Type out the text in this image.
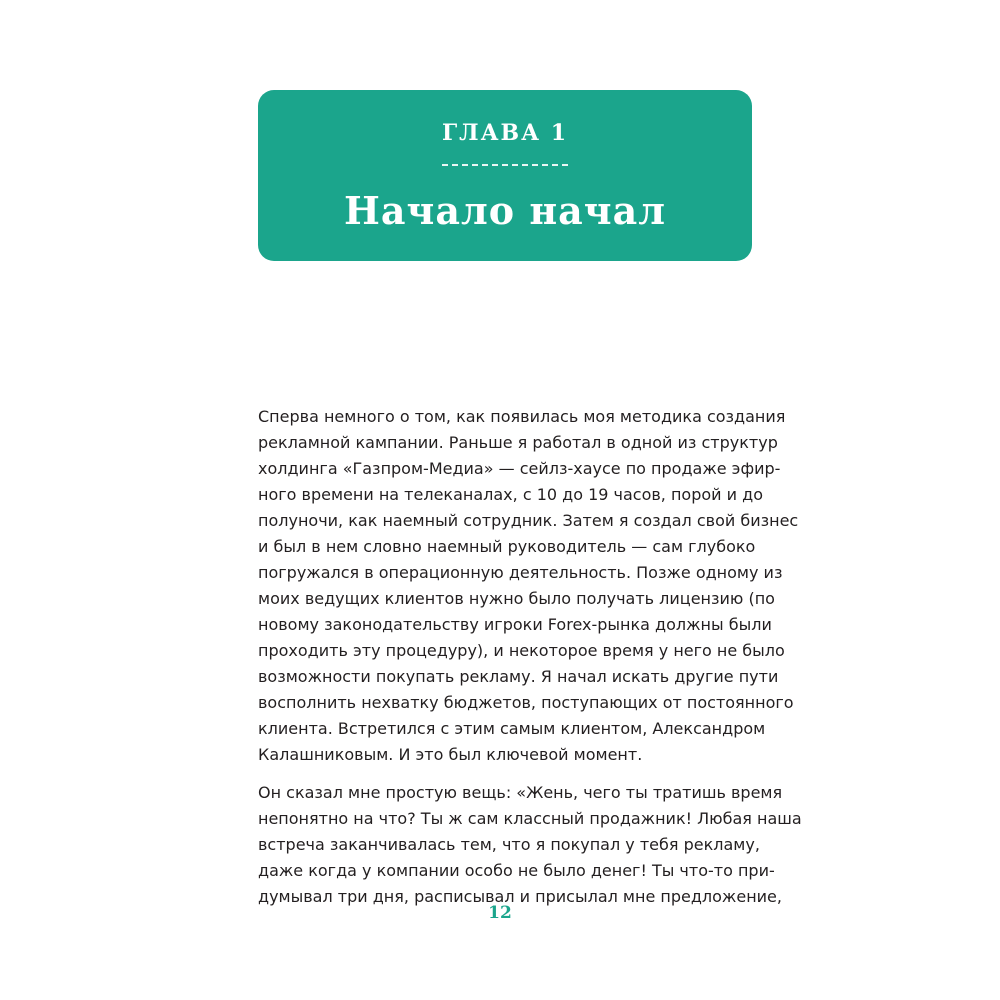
ГЛАВА 1
Начало начал
Сперва немного о том, как появилась моя методика создания
рекламной кампании. Раньше я работал в одной из структур
холдинга «Газпром-Медиа» — сейлз-хаусе по продаже эфир-
ного времени на телеканалах, с 10 до 19 часов, порой и до
полуночи, как наемный сотрудник. Затем я создал свой бизнес
и был в нем словно наемный руководитель — сам глубоко
погружался в операционную деятельность. Позже одному из
моих ведущих клиентов нужно было получать лицензию (по
новому законодательству игроки Forex-рынка должны были
проходить эту процедуру), и некоторое время у него не было
возможности покупать рекламу. Я начал искать другие пути
восполнить нехватку бюджетов, поступающих от постоянного
клиента. Встретился с этим самым клиентом, Александром
Калашниковым. И это был ключевой момент.
Он сказал мне простую вещь: «Жень, чего ты тратишь время
непонятно на что? Ты ж сам классный продажник! Любая наша
встреча заканчивалась тем, что я покупал у тебя рекламу,
даже когда у компании особо не было денег! Ты что-то при-
думывал три дня, расписывал и присылал мне предложение,
12
